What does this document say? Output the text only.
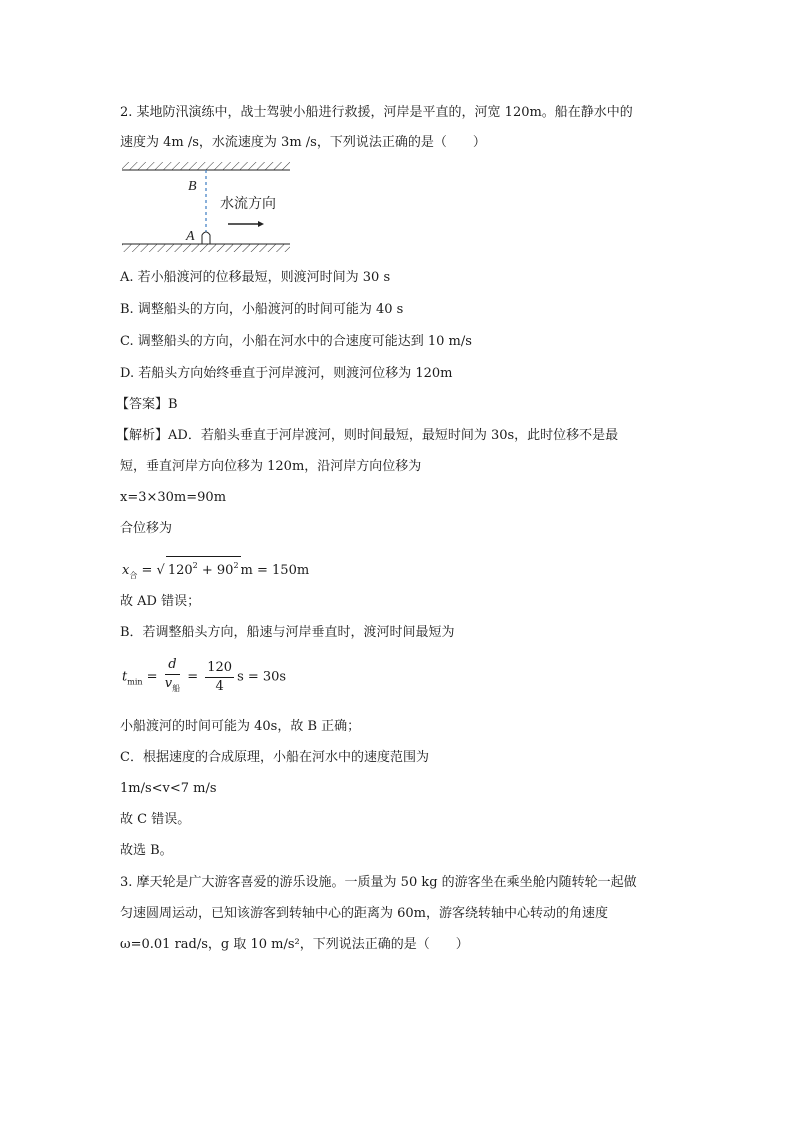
2. 某地防汛演练中，战士驾驶小船进行救援，河岸是平直的，河宽 120m。船在静水中的
速度为 4m /s，水流速度为 3m /s，下列说法正确的是（　　）
B
A
水流方向
A. 若小船渡河的位移最短，则渡河时间为 30 s
B. 调整船头的方向，小船渡河的时间可能为 40 s
C. 调整船头的方向，小船在河水中的合速度可能达到 10 m/s
D. 若船头方向始终垂直于河岸渡河，则渡河位移为 120m
【答案】B
【解析】AD．若船头垂直于河岸渡河，则时间最短，最短时间为 30s，此时位移不是最
短，垂直河岸方向位移为 120m，沿河岸方向位移为
x=3×30m=90m
合位移为
$x_合$ = √ $120^2 + 90^2$ m = 150m
故 AD 错误；
B．若调整船头方向，船速与河岸垂直时，渡河时间最短为
$t_{min} = \frac{d}{v_船} = \frac{120}{4}$ s = 30s
小船渡河的时间可能为 40s，故 B 正确；
C．根据速度的合成原理，小船在河水中的速度范围为
1m/s<v<7 m/s
故 C 错误。
故选 B。
3. 摩天轮是广大游客喜爱的游乐设施。一质量为 50 kg 的游客坐在乘坐舱内随转轮一起做
匀速圆周运动，已知该游客到转轴中心的距离为 60m，游客绕转轴中心转动的角速度
ω=0.01 rad/s，g 取 10 m/s²，下列说法正确的是（　　）
